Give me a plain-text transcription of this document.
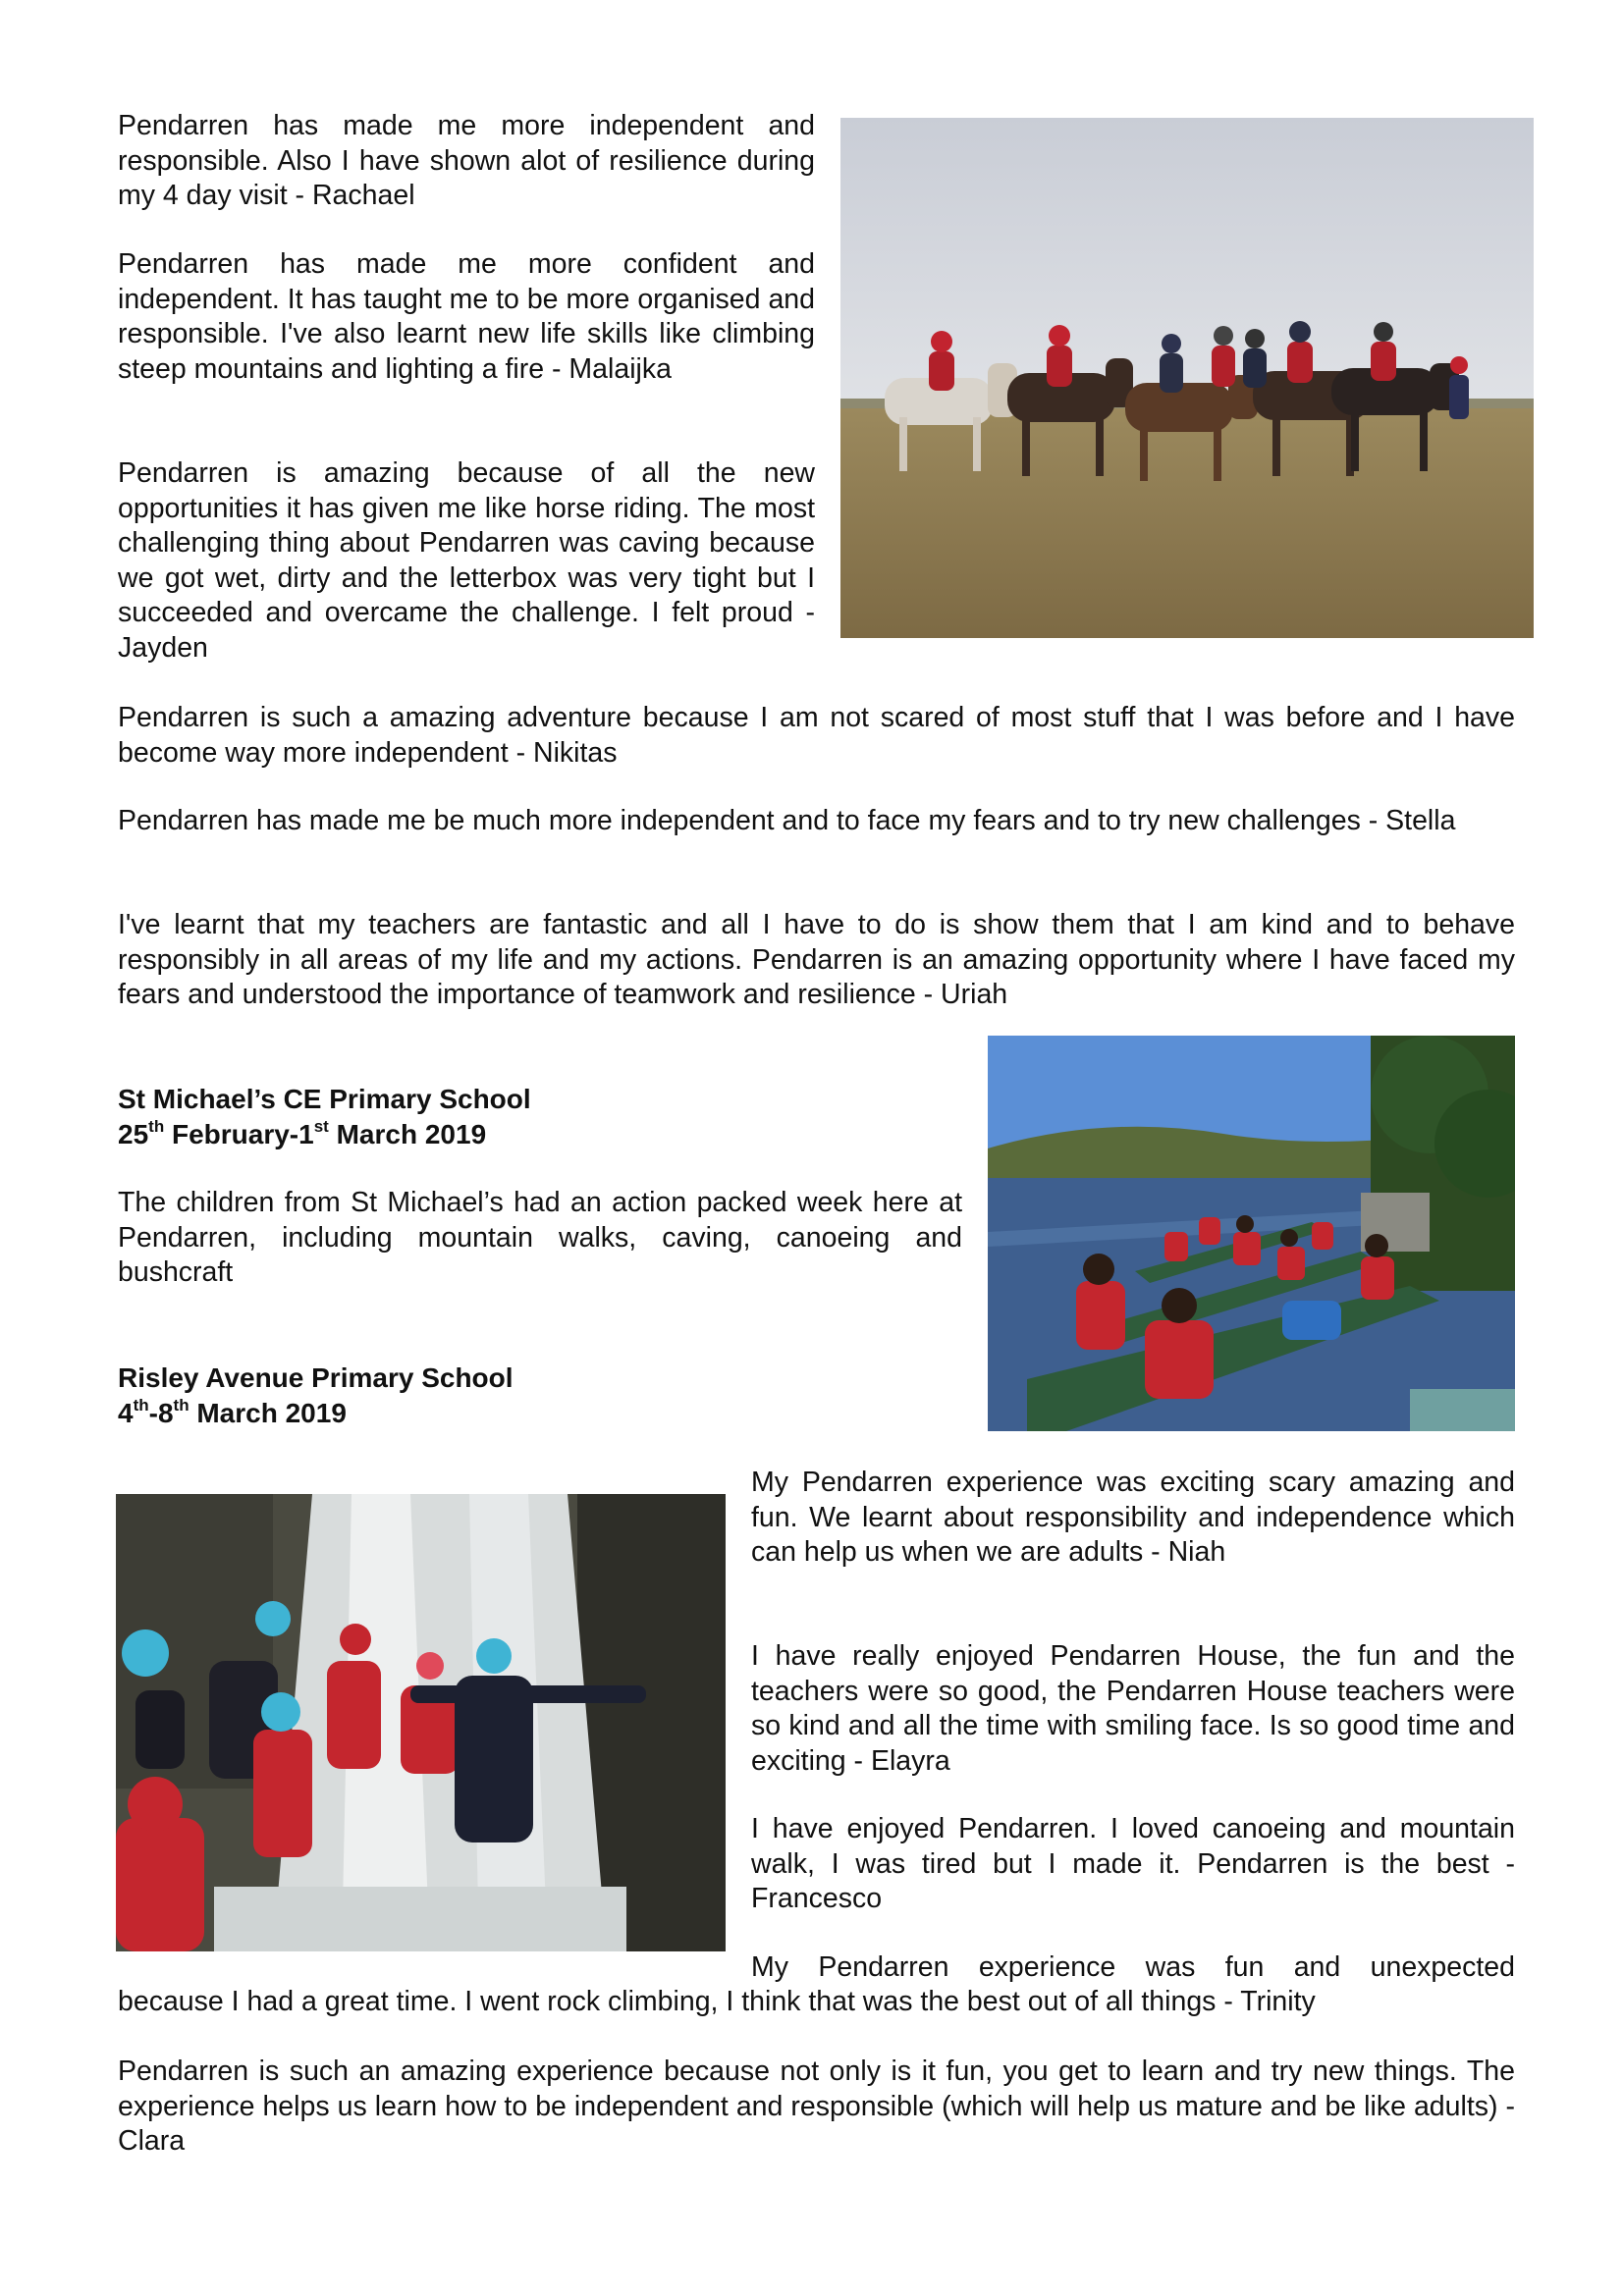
Pendarren has made me more independent and responsible. Also I have shown alot of resilience during my 4 day visit - Rachael

Pendarren has made me more confident and independent. It has taught me to be more organised and responsible. I've also learnt new life skills like climbing steep mountains and lighting a fire - Malaijka

Pendarren is amazing because of all the new opportunities it has given me like horse riding. The most challenging thing about Pendarren was caving because we got wet, dirty and the letterbox was very tight but I succeeded and overcame the challenge. I felt proud - Jayden

Pendarren is such a amazing adventure because I am not scared of most stuff that I was before and I have become way more independent - Nikitas

Pendarren has made me be much more independent and to face my fears and to try new challenges - Stella

I've learnt that my teachers are fantastic and all I have to do is show them that I am kind and to behave responsibly in all areas of my life and my actions. Pendarren is an amazing opportunity where I have faced my fears and understood the importance of teamwork and resilience - Uriah

St Michael’s CE Primary School
25th February-1st March 2019

The children from St Michael’s had an action packed week here at Pendarren, including mountain walks, caving, canoeing and bushcraft

Risley Avenue Primary School
4th-8th March 2019

My Pendarren experience was exciting scary amazing and fun. We learnt about responsibility and independence which can help us when we are adults - Niah

I have really enjoyed Pendarren House, the fun and the teachers were so good, the Pendarren House teachers were so kind and all the time with smiling face. Is so good time and exciting - Elayra

I have enjoyed Pendarren. I loved canoeing and mountain walk, I was tired but I made it. Pendarren is the best - Francesco

My Pendarren experience was fun and unexpected

because I had a great time. I went rock climbing, I think that was the best out of all things - Trinity

Pendarren is such an amazing experience because not only is it fun, you get to learn and try new things. The experience helps us learn how to be independent and responsible (which will help us mature and be like adults) - Clara
